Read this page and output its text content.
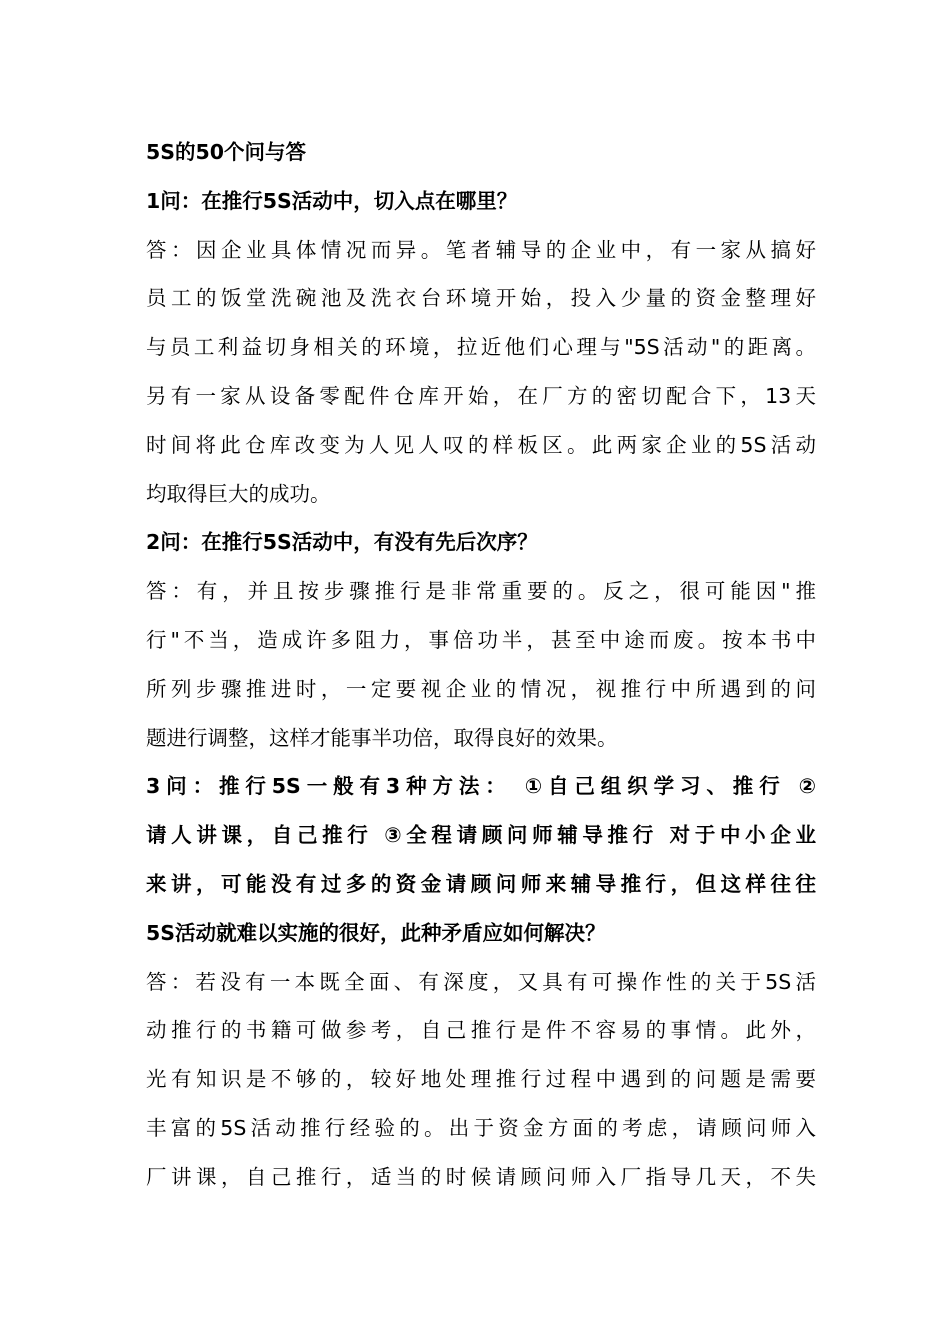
5S的50个问与答
1问：在推行5S活动中，切入点在哪里？
答：因企业具体情况而异。笔者辅导的企业中，有一家从搞好
员工的饭堂洗碗池及洗衣台环境开始，投入少量的资金整理好
与员工利益切身相关的环境，拉近他们心理与"5S活动"的距离。
另有一家从设备零配件仓库开始，在厂方的密切配合下，13天
时间将此仓库改变为人见人叹的样板区。此两家企业的5S活动
均取得巨大的成功。
2问：在推行5S活动中，有没有先后次序？
答：有，并且按步骤推行是非常重要的。反之，很可能因"推
行"不当，造成许多阻力，事倍功半，甚至中途而废。按本书中
所列步骤推进时，一定要视企业的情况，视推行中所遇到的问
题进行调整，这样才能事半功倍，取得良好的效果。
3问：推行5S一般有3种方法： ①自己组织学习、推行 ②
请人讲课，自己推行 ③全程请顾问师辅导推行 对于中小企业
来讲，可能没有过多的资金请顾问师来辅导推行，但这样往往
5S活动就难以实施的很好，此种矛盾应如何解决？
答：若没有一本既全面、有深度，又具有可操作性的关于5S活
动推行的书籍可做参考，自己推行是件不容易的事情。此外，
光有知识是不够的，较好地处理推行过程中遇到的问题是需要
丰富的5S活动推行经验的。出于资金方面的考虑，请顾问师入
厂讲课，自己推行，适当的时候请顾问师入厂指导几天，不失
